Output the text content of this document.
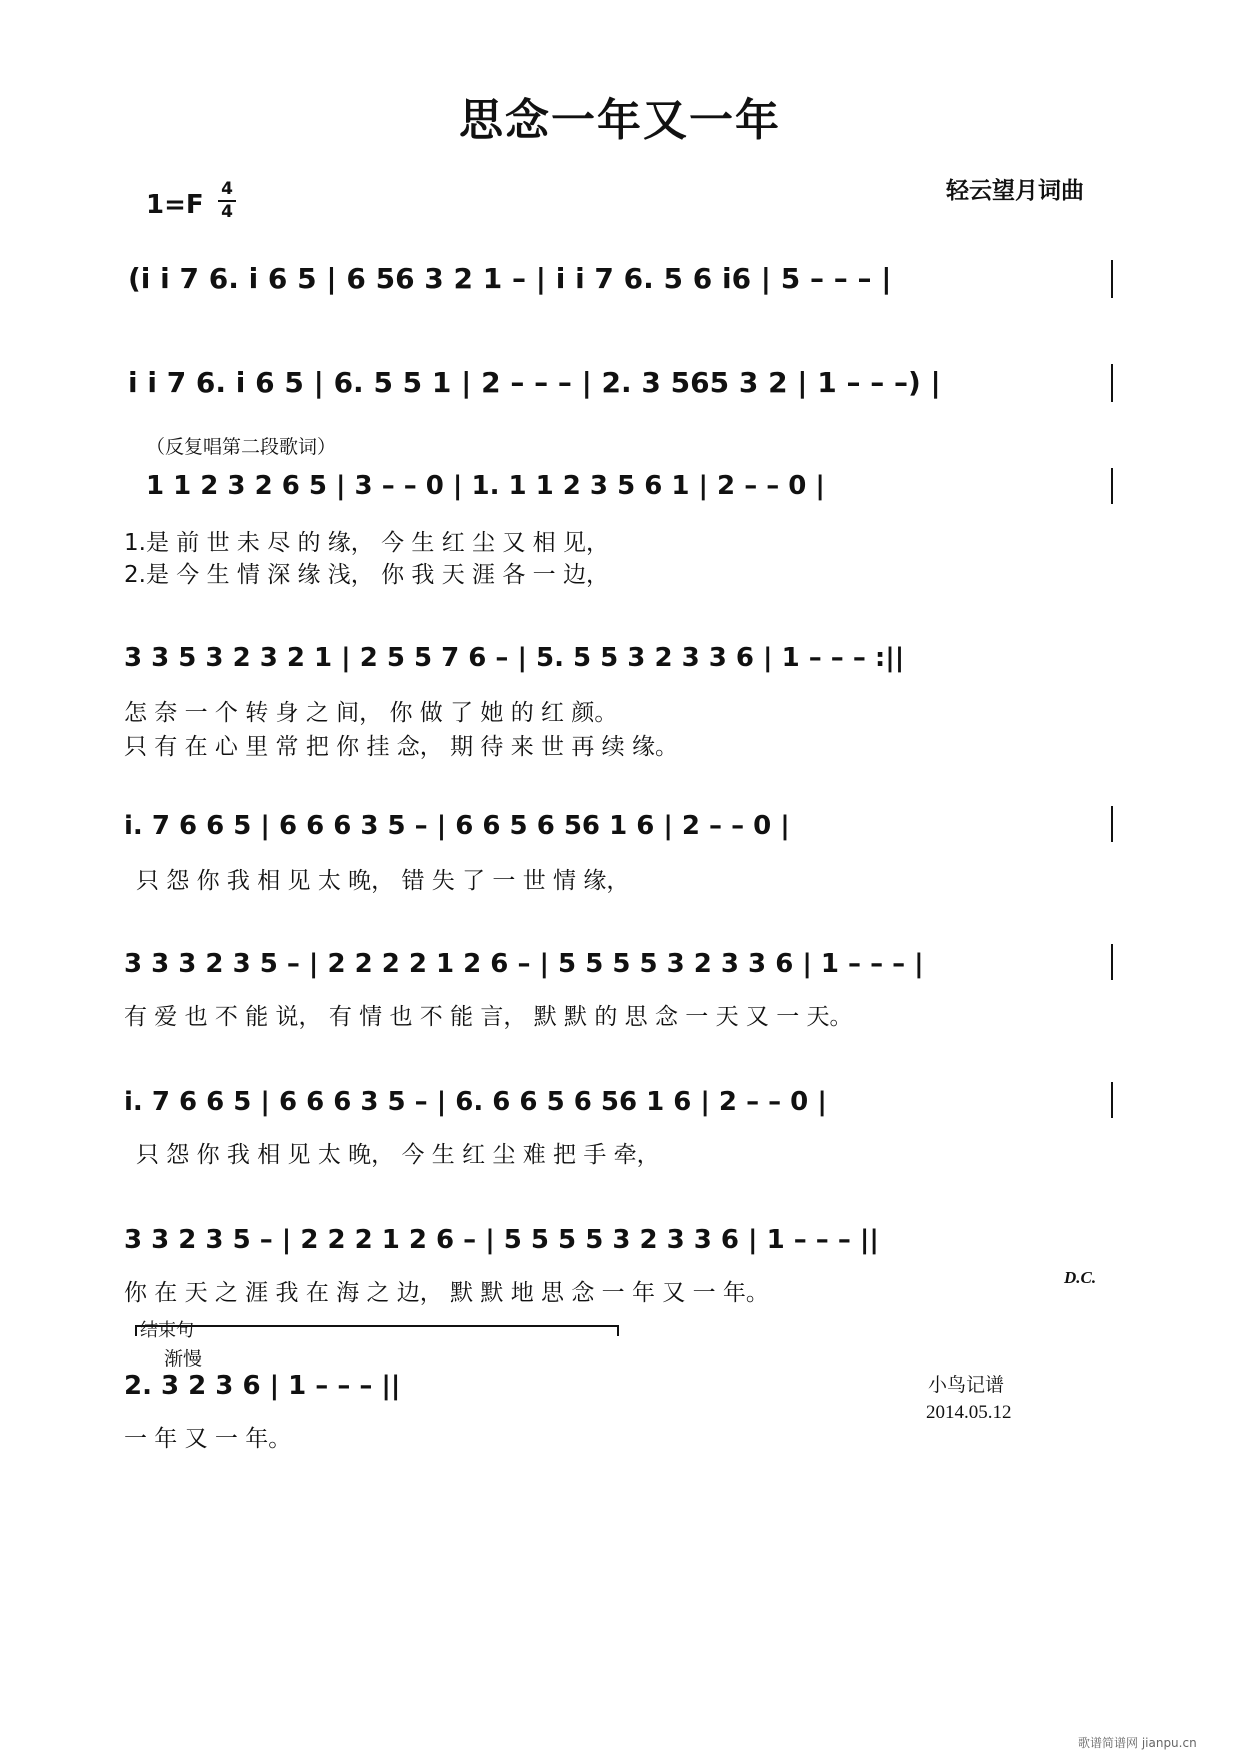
思念一年又一年
1=F
4
4
轻云望月词曲
(i i 7 6. i 6 5 | 6 56 3 2 1 – | i i 7 6. 5 6 i6 | 5 – – – |
i i 7 6. i 6 5 | 6. 5 5 1 | 2 – – – | 2. 3 565 3 2 | 1 – – –) |
1 1 2 3 2 6 5 | 3 – – 0 | 1. 1 1 2 3 5 6 1 | 2 – – 0 |
3 3 5 3 2 3 2 1 | 2 5 5 7 6 – | 5. 5 5 3 2 3 3 6 | 1 – – – :||
i. 7 6 6 5 | 6 6 6 3 5 – | 6 6 5 6 56 1 6 | 2 – – 0 |
3 3 3 2 3 5 – | 2 2 2 2 1 2 6 – | 5 5 5 5 3 2 3 3 6 | 1 – – – |
i. 7 6 6 5 | 6 6 6 3 5 – | 6. 6 6 5 6 56 1 6 | 2 – – 0 |
3 3 2 3 5 – | 2 2 2 1 2 6 – | 5 5 5 5 3 2 3 3 6 | 1 – – – ||
2. 3 2 3 6 | 1 – – – ||
（反复唱第二段歌词）
1.是 前 世 未 尽 的 缘， 今 生 红 尘 又 相 见，
2.是 今 生 情 深 缘 浅， 你 我 天 涯 各 一 边，
怎 奈 一 个 转 身 之 间， 你 做 了 她 的 红 颜。
只 有 在 心 里 常 把 你 挂 念， 期 待 来 世 再 续 缘。
只 怨 你 我 相 见 太 晚， 错 失 了 一 世 情 缘，
有 爱 也 不 能 说， 有 情 也 不 能 言， 默 默 的 思 念 一 天 又 一 天。
只 怨 你 我 相 见 太 晚， 今 生 红 尘 难 把 手 牵，
你 在 天 之 涯 我 在 海 之 边， 默 默 地 思 念 一 年 又 一 年。
一 年 又 一 年。
D.C.
结束句
渐慢
小鸟记谱
2014.05.12
歌谱简谱网 jianpu.cn
